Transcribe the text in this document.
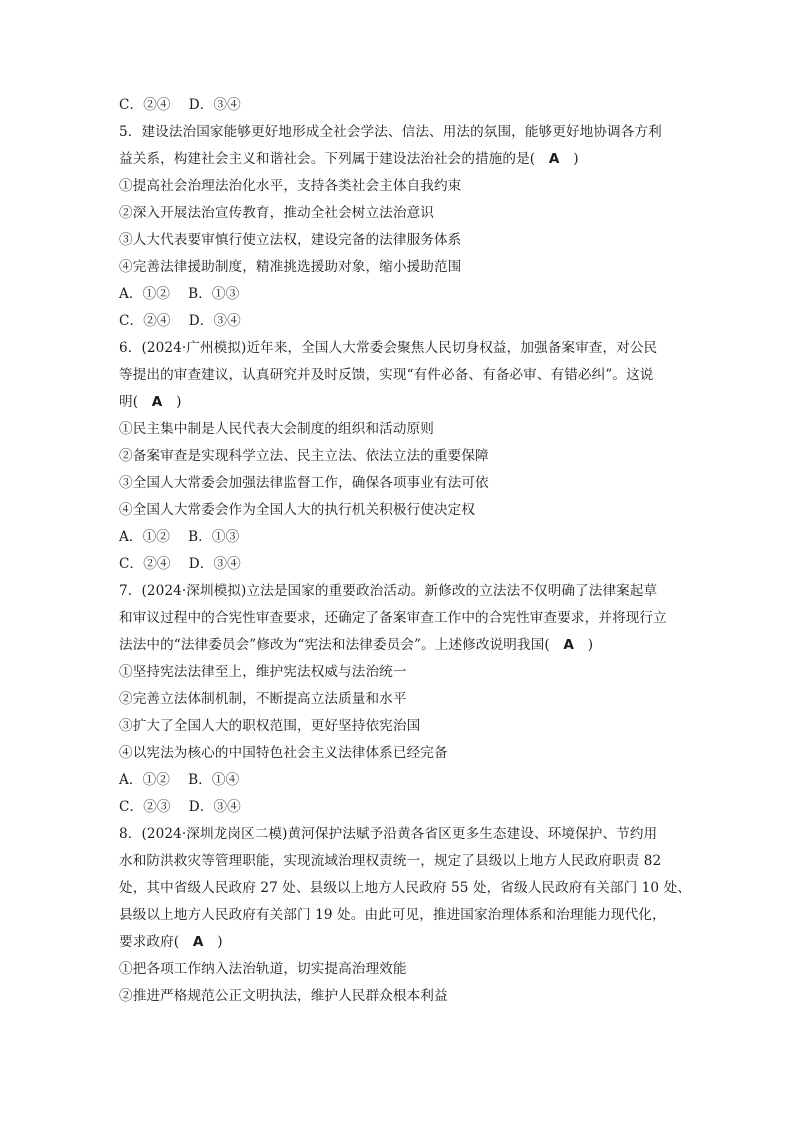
C．②④　 D．③④
5．建设法治国家能够更好地形成全社会学法、信法、用法的氛围，能够更好地协调各方利
益关系，构建社会主义和谐社会。下列属于建设法治社会的措施的是(　A　)
①提高社会治理法治化水平，支持各类社会主体自我约束
②深入开展法治宣传教育，推动全社会树立法治意识
③人大代表要审慎行使立法权，建设完备的法律服务体系
④完善法律援助制度，精准挑选援助对象，缩小援助范围
A．①②　 B．①③
C．②④　 D．③④
6．(2024·广州模拟)近年来，全国人大常委会聚焦人民切身权益，加强备案审查，对公民
等提出的审查建议，认真研究并及时反馈，实现“有件必备、有备必审、有错必纠”。这说
明(　A　)
①民主集中制是人民代表大会制度的组织和活动原则
②备案审查是实现科学立法、民主立法、依法立法的重要保障
③全国人大常委会加强法律监督工作，确保各项事业有法可依
④全国人大常委会作为全国人大的执行机关积极行使决定权
A．①②　 B．①③
C．②④　 D．③④
7．(2024·深圳模拟)立法是国家的重要政治活动。新修改的立法法不仅明确了法律案起草
和审议过程中的合宪性审查要求，还确定了备案审查工作中的合宪性审查要求，并将现行立
法法中的“法律委员会”修改为“宪法和法律委员会”。上述修改说明我国(　A　)
①坚持宪法法律至上，维护宪法权威与法治统一
②完善立法体制机制，不断提高立法质量和水平
③扩大了全国人大的职权范围，更好坚持依宪治国
④以宪法为核心的中国特色社会主义法律体系已经完备
A．①②　 B．①④
C．②③　 D．③④
8．(2024·深圳龙岗区二模)黄河保护法赋予沿黄各省区更多生态建设、环境保护、节约用
水和防洪救灾等管理职能，实现流域治理权责统一，规定了县级以上地方人民政府职责 82
处，其中省级人民政府 27 处、县级以上地方人民政府 55 处，省级人民政府有关部门 10 处、
县级以上地方人民政府有关部门 19 处。由此可见，推进国家治理体系和治理能力现代化，
要求政府(　A　)
①把各项工作纳入法治轨道，切实提高治理效能
②推进严格规范公正文明执法，维护人民群众根本利益
